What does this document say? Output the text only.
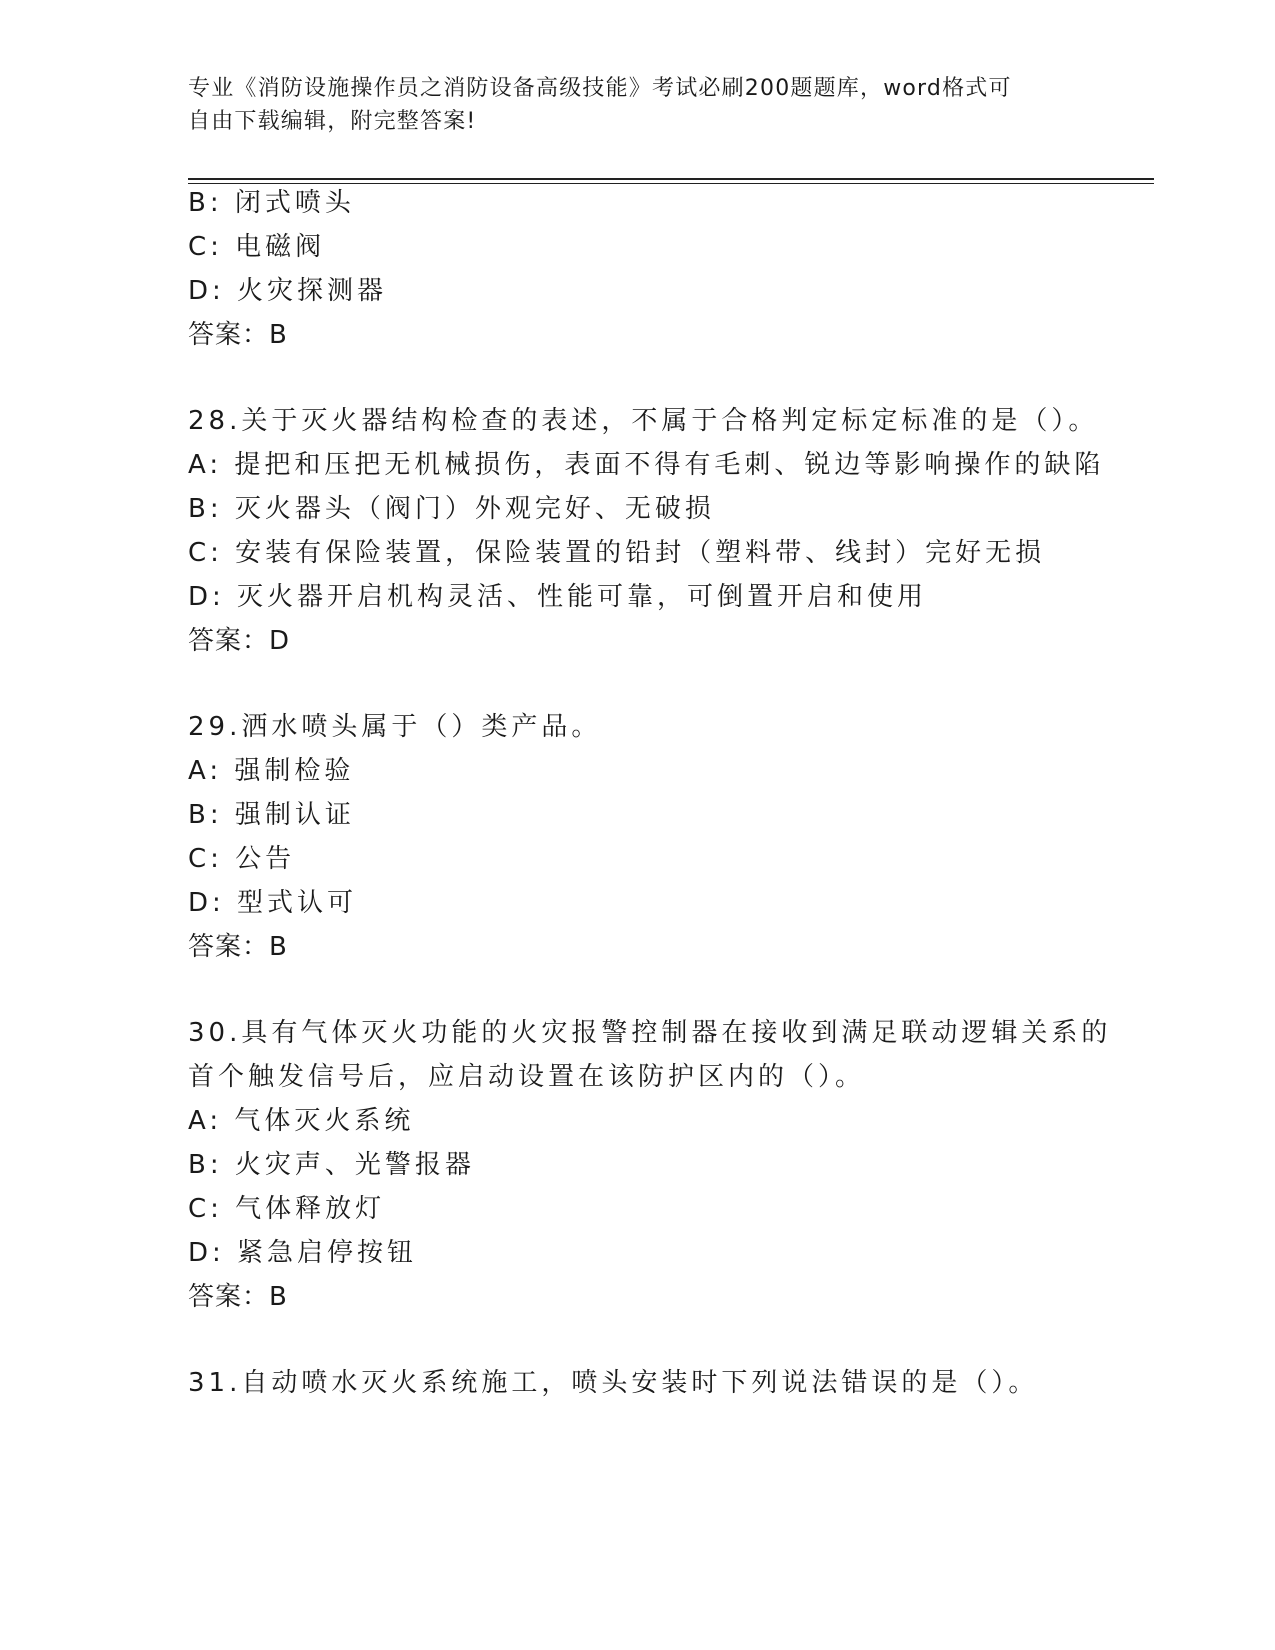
专业《消防设施操作员之消防设备高级技能》考试必刷200题题库，word格式可
自由下载编辑，附完整答案!
B: 闭式喷头
C: 电磁阀
D: 火灾探测器
答案：B
28.关于灭火器结构检查的表述，不属于合格判定标定标准的是（）。
A: 提把和压把无机械损伤，表面不得有毛刺、锐边等影响操作的缺陷
B: 灭火器头（阀门）外观完好、无破损
C: 安装有保险装置，保险装置的铅封（塑料带、线封）完好无损
D: 灭火器开启机构灵活、性能可靠，可倒置开启和使用
答案：D
29.洒水喷头属于（）类产品。
A: 强制检验
B: 强制认证
C: 公告
D: 型式认可
答案：B
30.具有气体灭火功能的火灾报警控制器在接收到满足联动逻辑关系的
首个触发信号后，应启动设置在该防护区内的（）。
A: 气体灭火系统
B: 火灾声、光警报器
C: 气体释放灯
D: 紧急启停按钮
答案：B
31.自动喷水灭火系统施工，喷头安装时下列说法错误的是（）。
